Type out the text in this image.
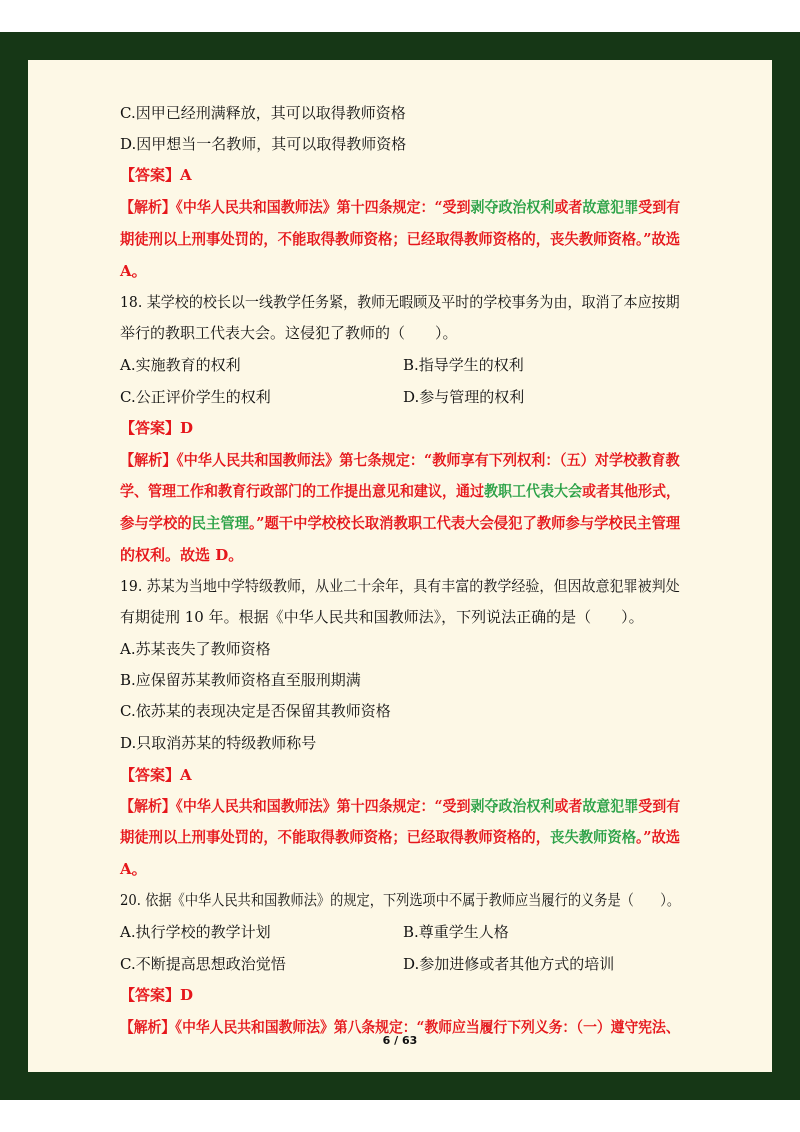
C.因甲已经刑满释放，其可以取得教师资格
D.因甲想当一名教师，其可以取得教师资格
【答案】A
【解析】《中华人民共和国教师法》第十四条规定：“受到剥夺政治权利或者故意犯罪受到有
期徒刑以上刑事处罚的，不能取得教师资格；已经取得教师资格的，丧失教师资格。”故选
A。
18. 某学校的校长以一线教学任务紧，教师无暇顾及平时的学校事务为由，取消了本应按期
举行的教职工代表大会。这侵犯了教师的（　　）。
A.实施教育的权利	B.指导学生的权利
C.公正评价学生的权利	D.参与管理的权利
【答案】D
【解析】《中华人民共和国教师法》第七条规定：“教师享有下列权利：（五）对学校教育教
学、管理工作和教育行政部门的工作提出意见和建议，通过教职工代表大会或者其他形式，
参与学校的民主管理。”题干中学校校长取消教职工代表大会侵犯了教师参与学校民主管理
的权利。故选 D。
19. 苏某为当地中学特级教师，从业二十余年，具有丰富的教学经验，但因故意犯罪被判处
有期徒刑 10 年。根据《中华人民共和国教师法》，下列说法正确的是（　　）。
A.苏某丧失了教师资格
B.应保留苏某教师资格直至服刑期满
C.依苏某的表现决定是否保留其教师资格
D.只取消苏某的特级教师称号
【答案】A
【解析】《中华人民共和国教师法》第十四条规定：“受到剥夺政治权利或者故意犯罪受到有
期徒刑以上刑事处罚的，不能取得教师资格；已经取得教师资格的，丧失教师资格。”故选
A。
20. 依据《中华人民共和国教师法》的规定，下列选项中不属于教师应当履行的义务是（　　）。
A.执行学校的教学计划	B.尊重学生人格
C.不断提高思想政治觉悟	D.参加进修或者其他方式的培训
【答案】D
【解析】《中华人民共和国教师法》第八条规定：“教师应当履行下列义务：（一）遵守宪法、
6 / 63
